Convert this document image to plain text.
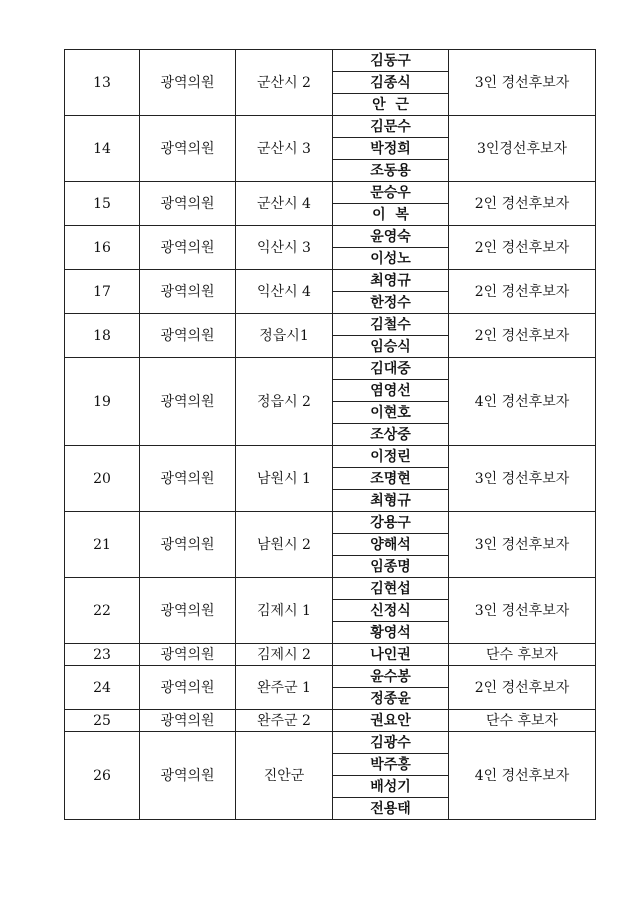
13	광역의원	군산시 2	김동구	3인 경선후보자
			김종식	
			안  근	
14	광역의원	군산시 3	김문수	3인경선후보자
			박정희	
			조동용	
15	광역의원	군산시 4	문승우	2인 경선후보자
			이  복	
16	광역의원	익산시 3	윤영숙	2인 경선후보자
			이성노	
17	광역의원	익산시 4	최영규	2인 경선후보자
			한정수	
18	광역의원	정읍시1	김철수	2인 경선후보자
			임승식	
19	광역의원	정읍시 2	김대중	4인 경선후보자
			염영선	
			이현호	
			조상중	
20	광역의원	남원시 1	이정린	3인 경선후보자
			조명현	
			최형규	
21	광역의원	남원시 2	강용구	3인 경선후보자
			양해석	
			임종명	
22	광역의원	김제시 1	김현섭	3인 경선후보자
			신정식	
			황영석	
23	광역의원	김제시 2	나인권	단수 후보자
24	광역의원	완주군 1	윤수봉	2인 경선후보자
			정종윤	
25	광역의원	완주군 2	권요안	단수 후보자
26	광역의원	진안군	김광수	4인 경선후보자
			박주홍	
			배성기	
			전용태	
